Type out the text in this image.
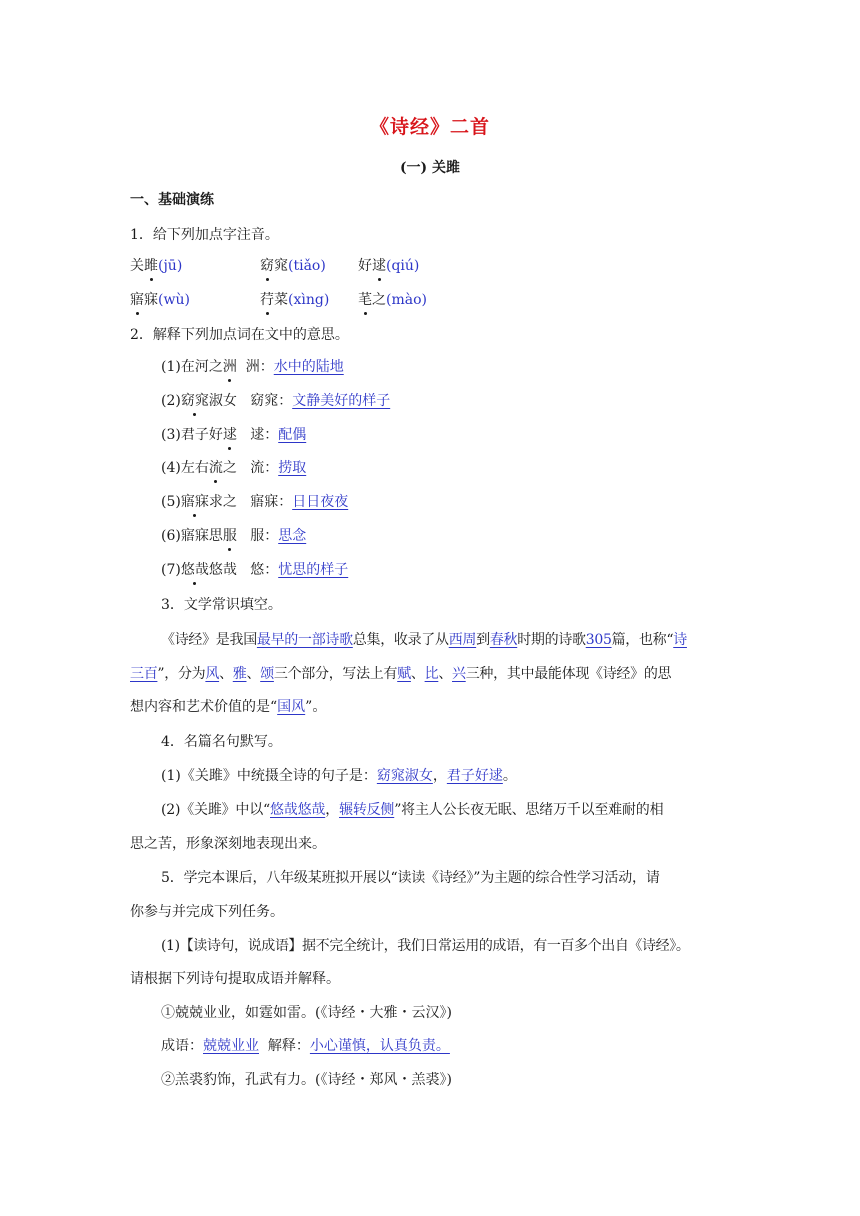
《诗经》二首
(一) 关雎
一、基础演练
1．给下列加点字注音。
关雎(jū)	窈窕(tiǎo) 好逑(qiú)
寤寐(wù)	荇菜(xìng) 芼之(mào)
2．解释下列加点词在文中的意思。
(1)在河之洲 洲：水中的陆地
(2)窈窕淑女 窈窕：文静美好的样子
(3)君子好逑 逑：配偶
(4)左右流之 流：捞取
(5)寤寐求之 寤寐：日日夜夜
(6)寤寐思服 服：思念
(7)悠哉悠哉 悠：忧思的样子
3．文学常识填空。
《诗经》是我国最早的一部诗歌总集，收录了从西周到春秋时期的诗歌305篇，也称“诗
三百”，分为风、雅、颂三个部分，写法上有赋、比、兴三种，其中最能体现《诗经》的思
想内容和艺术价值的是“国风”。
4．名篇名句默写。
(1)《关雎》中统摄全诗的句子是：窈窕淑女，君子好逑。
(2)《关雎》中以“悠哉悠哉，辗转反侧”将主人公长夜无眠、思绪万千以至难耐的相
思之苦，形象深刻地表现出来。
5．学完本课后，八年级某班拟开展以“读读《诗经》”为主题的综合性学习活动，请
你参与并完成下列任务。
(1)【读诗句，说成语】据不完全统计，我们日常运用的成语，有一百多个出自《诗经》。
请根据下列诗句提取成语并解释。
①兢兢业业，如霆如雷。(《诗经・大雅・云汉》)
成语：兢兢业业  解释：小心谨慎，认真负责。
②羔裘豹饰，孔武有力。(《诗经・郑风・羔裘》)
